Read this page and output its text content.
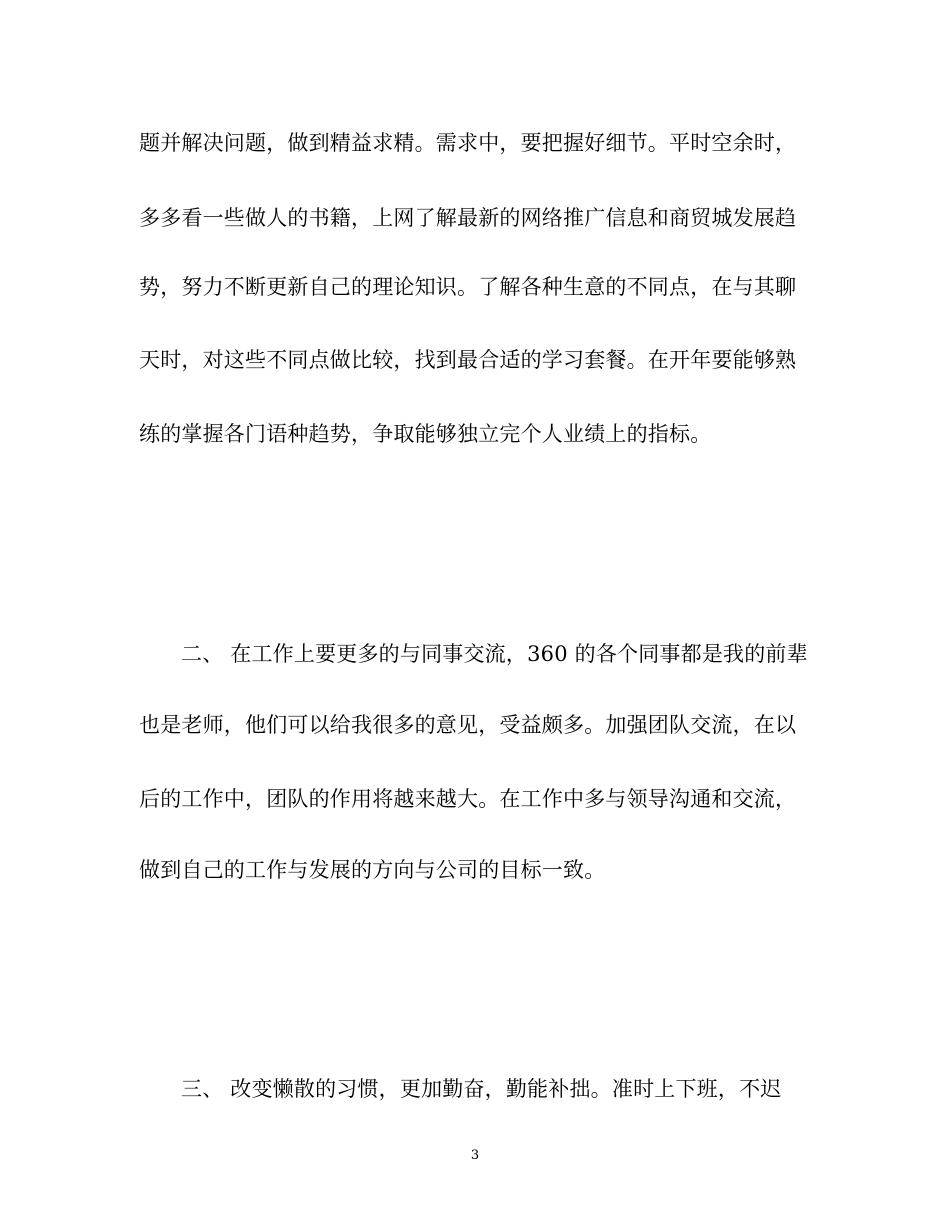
题并解决问题，做到精益求精。需求中，要把握好细节。平时空余时，
多多看一些做人的书籍，上网了解最新的网络推广信息和商贸城发展趋
势，努力不断更新自己的理论知识。了解各种生意的不同点，在与其聊
天时，对这些不同点做比较，找到最合适的学习套餐。在开年要能够熟
练的掌握各门语种趋势，争取能够独立完个人业绩上的指标。
二、 在工作上要更多的与同事交流，360 的各个同事都是我的前辈
也是老师，他们可以给我很多的意见，受益颇多。加强团队交流，在以
后的工作中，团队的作用将越来越大。在工作中多与领导沟通和交流，
做到自己的工作与发展的方向与公司的目标一致。
三、 改变懒散的习惯，更加勤奋，勤能补拙。准时上下班，不迟
3
